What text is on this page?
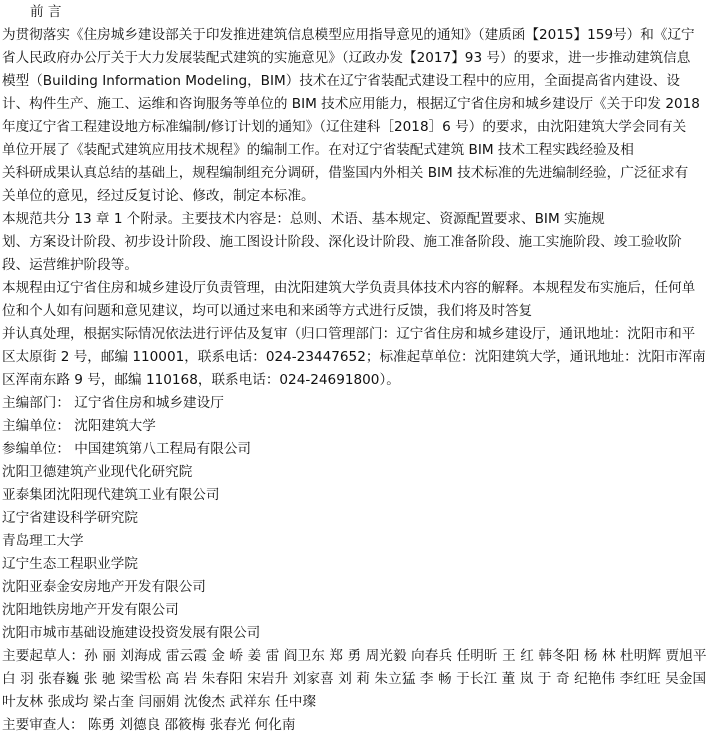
前 言
为贯彻落实《住房城乡建设部关于印发推进建筑信息模型应用指导意见的通知》（建质函【2015】159号）和《辽宁
省人民政府办公厅关于大力发展装配式建筑的实施意见》（辽政办发【2017】93 号）的要求，进一步推动建筑信息
模型（Building Information Modeling，BIM）技术在辽宁省装配式建设工程中的应用，全面提高省内建设、设
计、构件生产、施工、运维和咨询服务等单位的 BIM 技术应用能力，根据辽宁省住房和城乡建设厅《关于印发 2018
年度辽宁省工程建设地方标准编制/修订计划的通知》（辽住建科［2018］6 号）的要求，由沈阳建筑大学会同有关
单位开展了《装配式建筑应用技术规程》的编制工作。在对辽宁省装配式建筑 BIM 技术工程实践经验及相
关科研成果认真总结的基础上，规程编制组充分调研，借鉴国内外相关 BIM 技术标准的先进编制经验，广泛征求有
关单位的意见，经过反复讨论、修改，制定本标准。
本规范共分 13 章 1 个附录。主要技术内容是：总则、术语、基本规定、资源配置要求、BIM 实施规
划、方案设计阶段、初步设计阶段、施工图设计阶段、深化设计阶段、施工准备阶段、施工实施阶段、竣工验收阶
段、运营维护阶段等。
本规程由辽宁省住房和城乡建设厅负责管理，由沈阳建筑大学负责具体技术内容的解释。本规程发布实施后，任何单
位和个人如有问题和意见建议，均可以通过来电和来函等方式进行反馈，我们将及时答复
并认真处理，根据实际情况依法进行评估及复审（归口管理部门：辽宁省住房和城乡建设厅，通讯地址：沈阳市和平
区太原街 2 号，邮编 110001，联系电话：024-23447652；标准起草单位：沈阳建筑大学，通讯地址：沈阳市浑南
区浑南东路 9 号，邮编 110168，联系电话：024-24691800）。
主编部门： 辽宁省住房和城乡建设厅
主编单位： 沈阳建筑大学
参编单位： 中国建筑第八工程局有限公司
沈阳卫德建筑产业现代化研究院
亚泰集团沈阳现代建筑工业有限公司
辽宁省建设科学研究院
青岛理工大学
辽宁生态工程职业学院
沈阳亚泰金安房地产开发有限公司
沈阳地铁房地产开发有限公司
沈阳市城市基础设施建设投资发展有限公司
主要起草人：孙 丽 刘海成 雷云霞 金 峤 姜 雷 阎卫东 郑 勇 周光毅 向春兵 任明昕 王 红 韩冬阳 杨 林 杜明辉 贾旭平
白 羽 张春巍 张 驰 梁雪松 高 岩 朱春阳 宋岩升 刘家喜 刘 莉 朱立猛 李 畅 于长江 董 岚 于 奇 纪艳伟 李红旺 吴金国
叶友林 张成均 梁占奎 闫丽娟 沈俊杰 武祥东 任中璨
主要审查人： 陈勇 刘德良 邵筱梅 张春光 何化南
